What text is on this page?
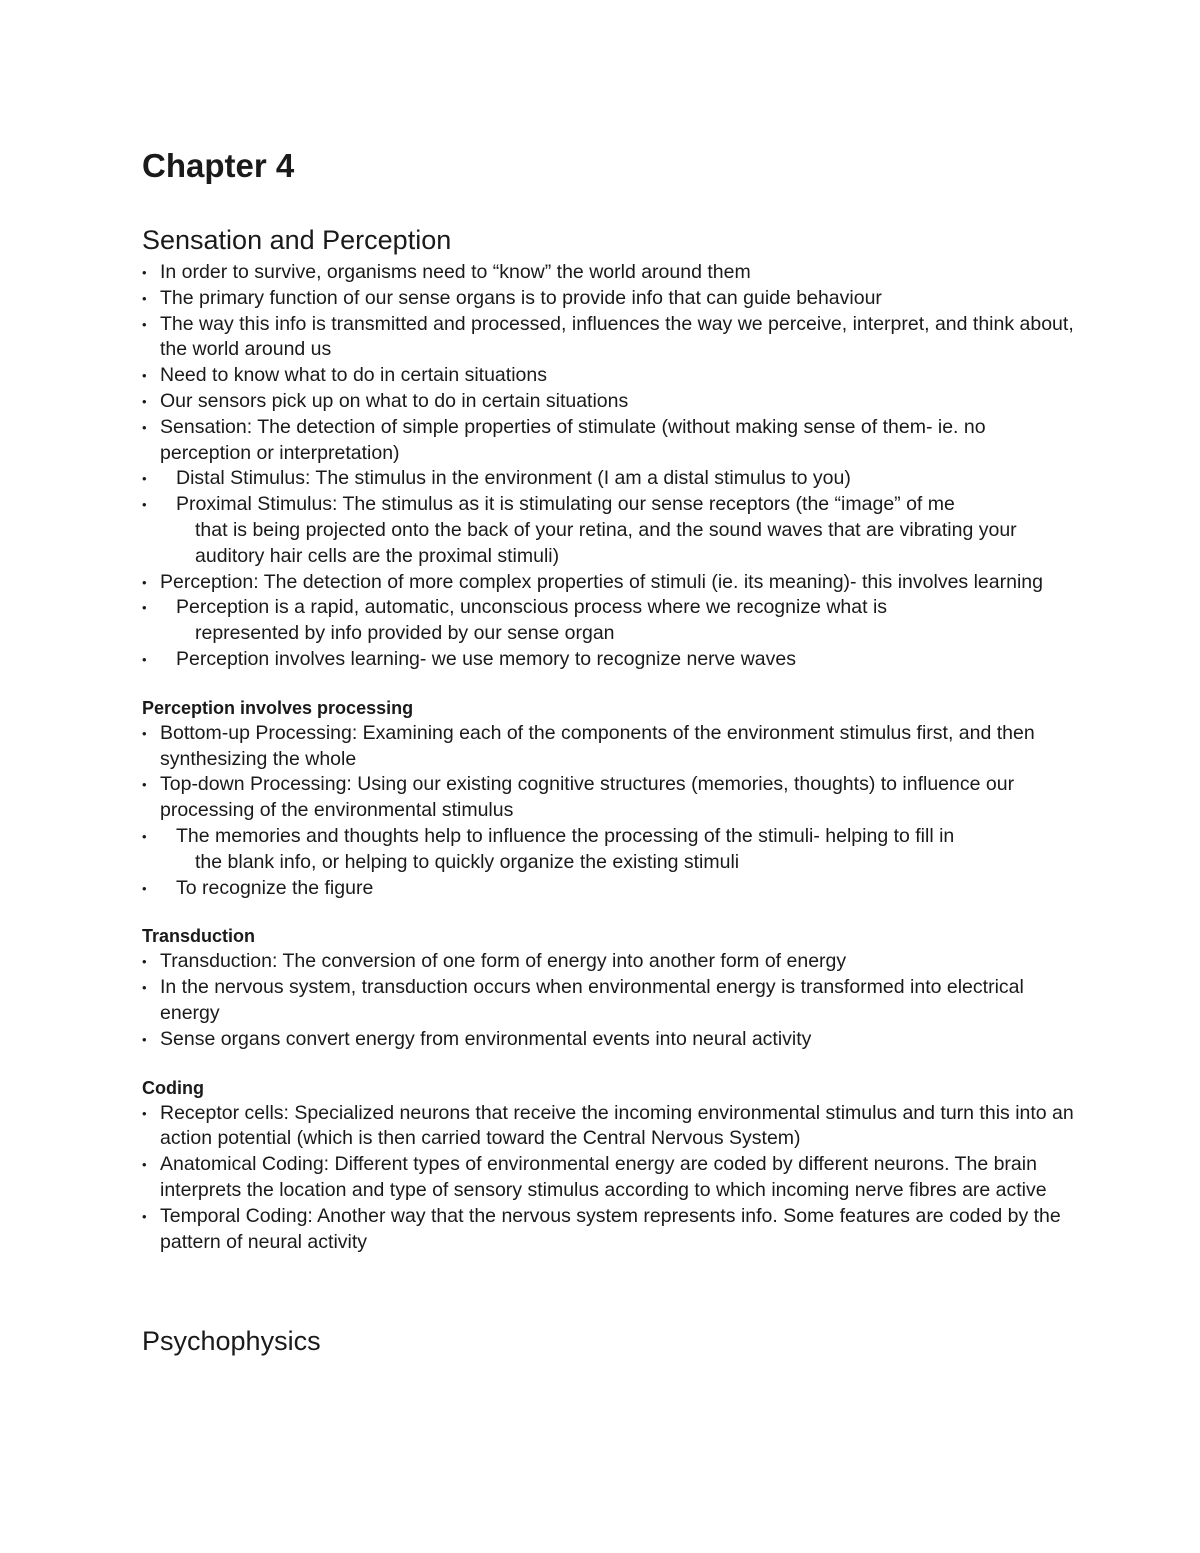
Chapter 4
Sensation and Perception
• In order to survive, organisms need to “know” the world around them
• The primary function of our sense organs is to provide info that can guide behaviour
• The way this info is transmitted and processed, influences the way we perceive, interpret, and think about, the world around us
• Need to know what to do in certain situations
• Our sensors pick up on what to do in certain situations
• Sensation: The detection of simple properties of stimulate (without making sense of them- ie. no perception or interpretation)
• Distal Stimulus: The stimulus in the environment (I am a distal stimulus to you)
• Proximal Stimulus: The stimulus as it is stimulating our sense receptors (the “image” of me
that is being projected onto the back of your retina, and the sound waves that are vibrating your auditory hair cells are the proximal stimuli)
• Perception: The detection of more complex properties of stimuli (ie. its meaning)- this involves learning
• Perception is a rapid, automatic, unconscious process where we recognize what is
represented by info provided by our sense organ
• Perception involves learning- we use memory to recognize nerve waves
Perception involves processing
• Bottom-up Processing: Examining each of the components of the environment stimulus first, and then synthesizing the whole
• Top-down Processing: Using our existing cognitive structures (memories, thoughts) to influence our processing of the environmental stimulus
• The memories and thoughts help to influence the processing of the stimuli- helping to fill in
the blank info, or helping to quickly organize the existing stimuli
• To recognize the figure
Transduction
• Transduction: The conversion of one form of energy into another form of energy
• In the nervous system, transduction occurs when environmental energy is transformed into electrical energy
• Sense organs convert energy from environmental events into neural activity
Coding
• Receptor cells: Specialized neurons that receive the incoming environmental stimulus and turn this into an action potential (which is then carried toward the Central Nervous System)
• Anatomical Coding: Different types of environmental energy are coded by different neurons. The brain interprets the location and type of sensory stimulus according to which incoming nerve fibres are active
• Temporal Coding: Another way that the nervous system represents info. Some features are coded by the pattern of neural activity
Psychophysics
